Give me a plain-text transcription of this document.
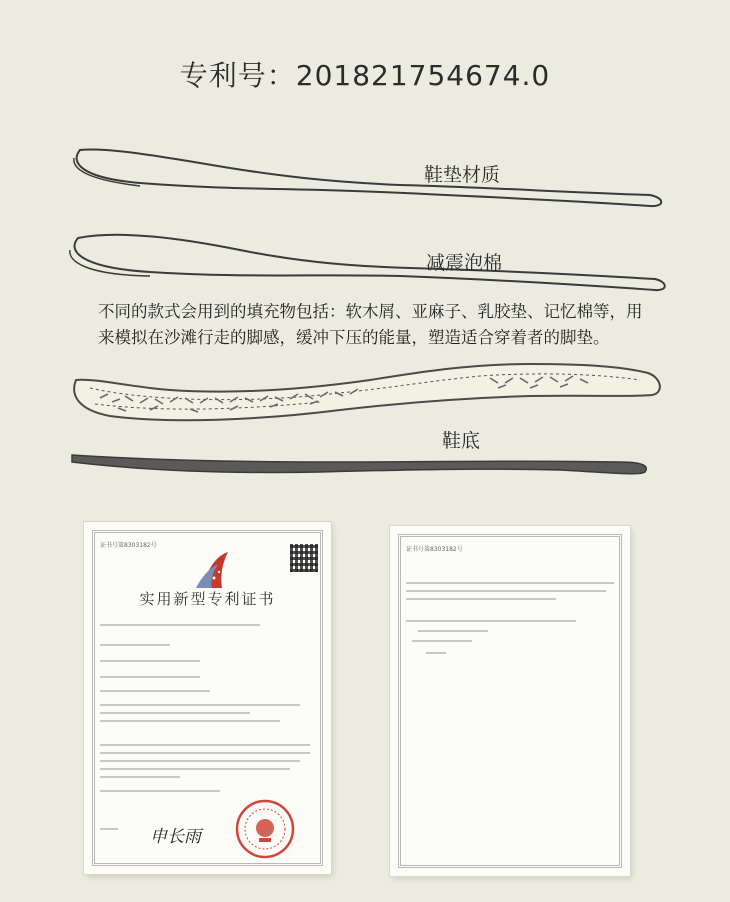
专利号：201821754674.0
鞋垫材质
减震泡棉
不同的款式会用到的填充物包括：软木屑、亚麻子、乳胶垫、记忆棉等，用来模拟在沙滩行走的脚感，缓冲下压的能量，塑造适合穿着者的脚垫。
鞋底
证书号第8303182号
实用新型专利证书
申长雨
证书号第8303182号
